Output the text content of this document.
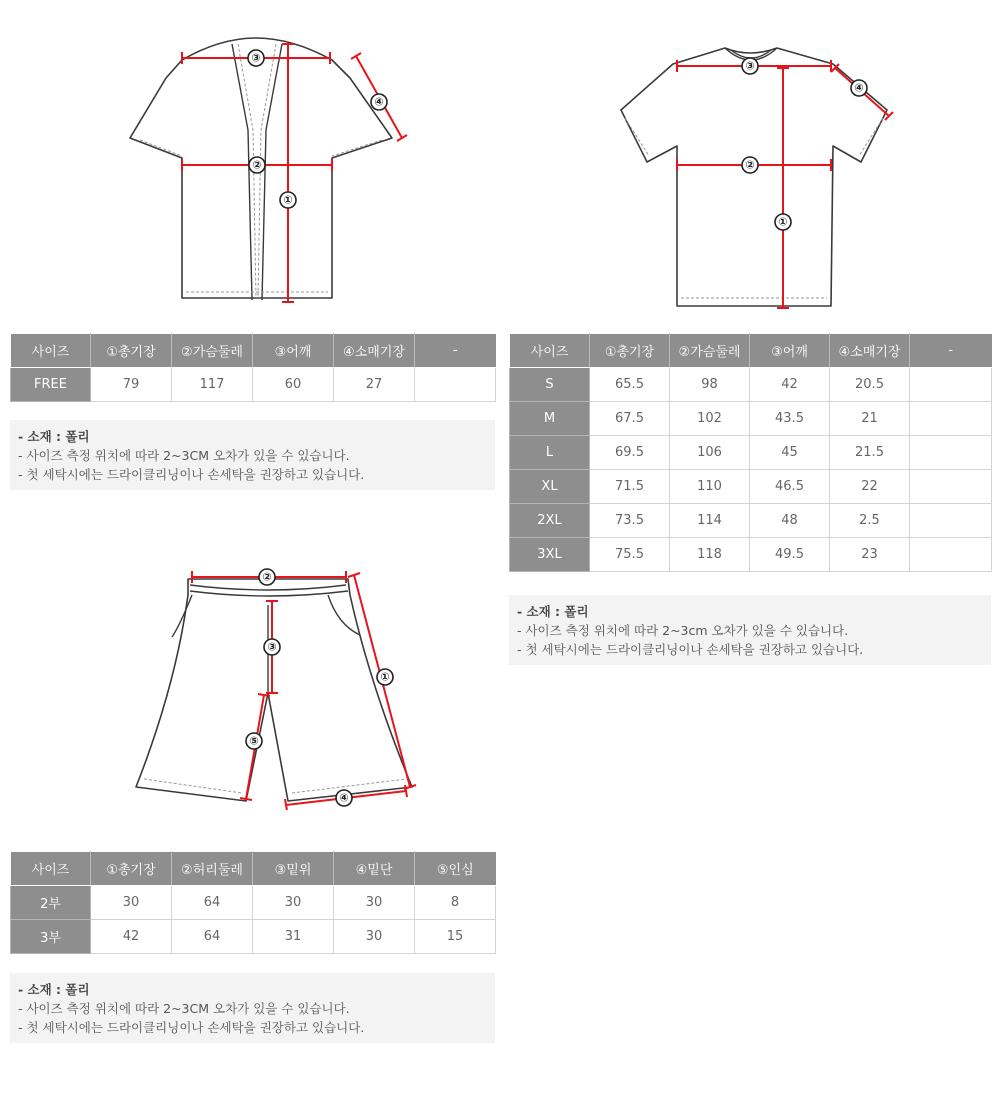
③
②
①
④
③
②
①
④
②
③
①
⑤
④
사이즈	①총기장	②가슴둘레	③어깨	④소매기장	-
FREE	79	117	60	27	
- 소재 : 폴리
- 사이즈 측정 위치에 따라 2~3CM 오차가 있을 수 있습니다.
- 첫 세탁시에는 드라이클리닝이나 손세탁을 권장하고 있습니다.
사이즈	①총기장	②가슴둘레	③어깨	④소매기장	-
S	65.5	98	42	20.5	
M	67.5	102	43.5	21	
L	69.5	106	45	21.5	
XL	71.5	110	46.5	22	
2XL	73.5	114	48	2.5	
3XL	75.5	118	49.5	23	
- 소재 : 폴리
- 사이즈 측정 위치에 따라 2~3cm 오차가 있을 수 있습니다.
- 첫 세탁시에는 드라이클리닝이나 손세탁을 권장하고 있습니다.
사이즈	①총기장	②허리둘레	③밑위	④밑단	⑤인심
2부	30	64	30	30	8
3부	42	64	31	30	15
- 소재 : 폴리
- 사이즈 측정 위치에 따라 2~3CM 오차가 있을 수 있습니다.
- 첫 세탁시에는 드라이클리닝이나 손세탁을 권장하고 있습니다.
